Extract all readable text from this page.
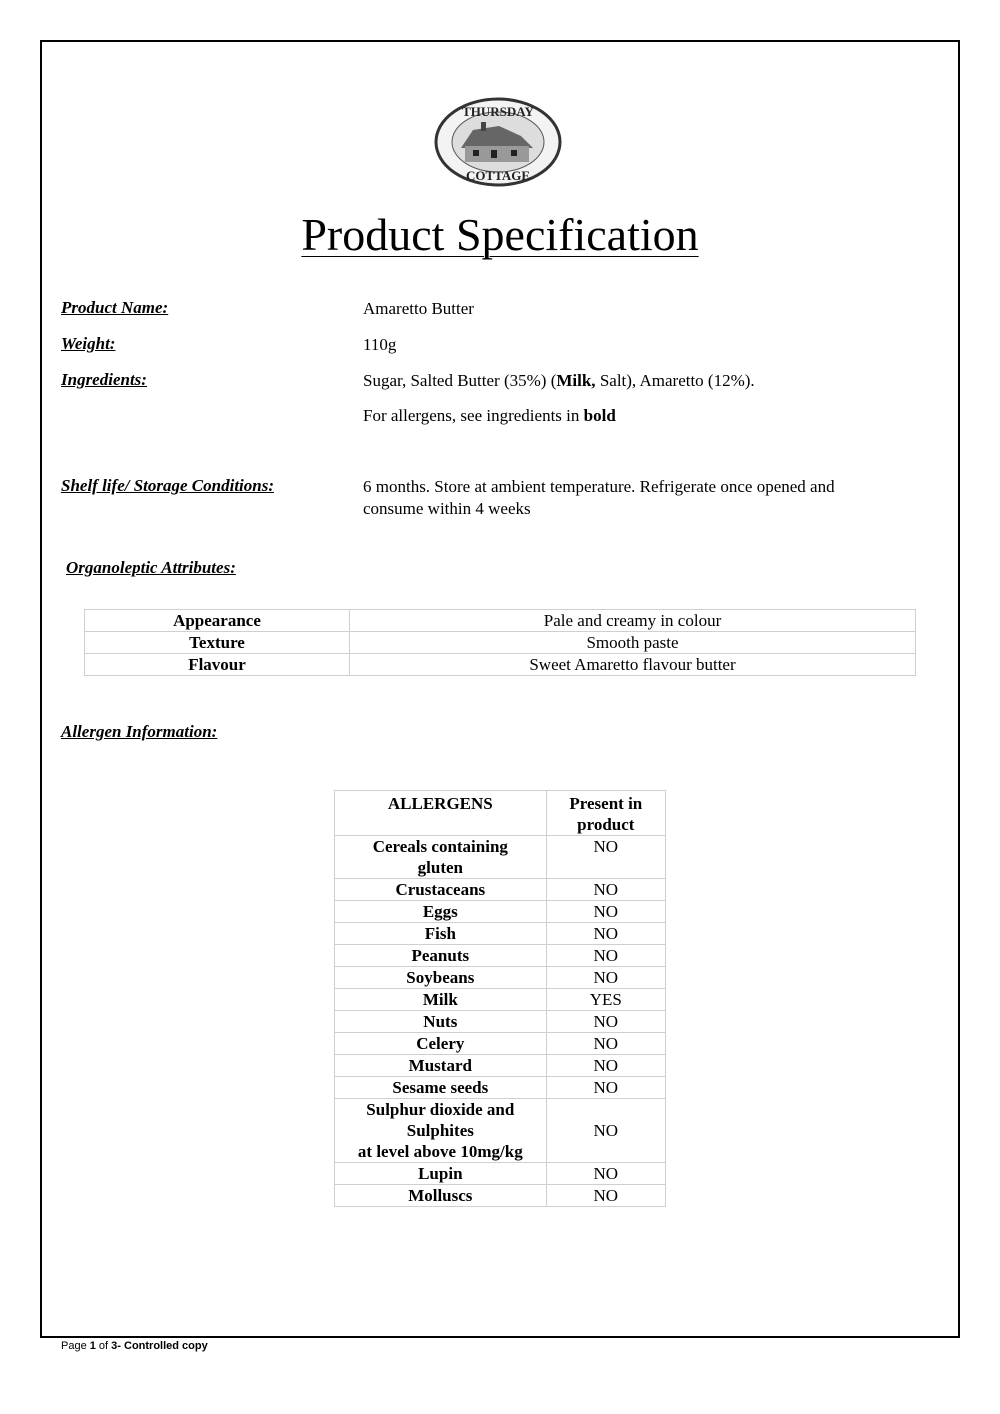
THURSDAY
COTTAGE
Product Specification
Product Name:	Amaretto Butter
Weight:	110g
Ingredients:	Sugar, Salted Butter (35%) (Milk, Salt), Amaretto (12%).
For allergens, see ingredients in bold
Shelf life/ Storage Conditions:	6 months. Store at ambient temperature. Refrigerate once opened and
consume within 4 weeks
Organoleptic Attributes:
Appearance	Pale and creamy in colour
Texture	Smooth paste
Flavour	Sweet Amaretto flavour butter
Allergen Information:
ALLERGENS	Present in
product

Cereals containing
gluten	NO

Crustaceans	NO

Eggs	NO

Fish	NO

Peanuts	NO

Soybeans	NO

Milk	YES

Nuts	NO

Celery	NO

Mustard	NO

Sesame seeds	NO

Sulphur dioxide and
Sulphites
at level above 10mg/kg	NO

Lupin	NO

Molluscs	NO
Page 1 of 3- Controlled copy
